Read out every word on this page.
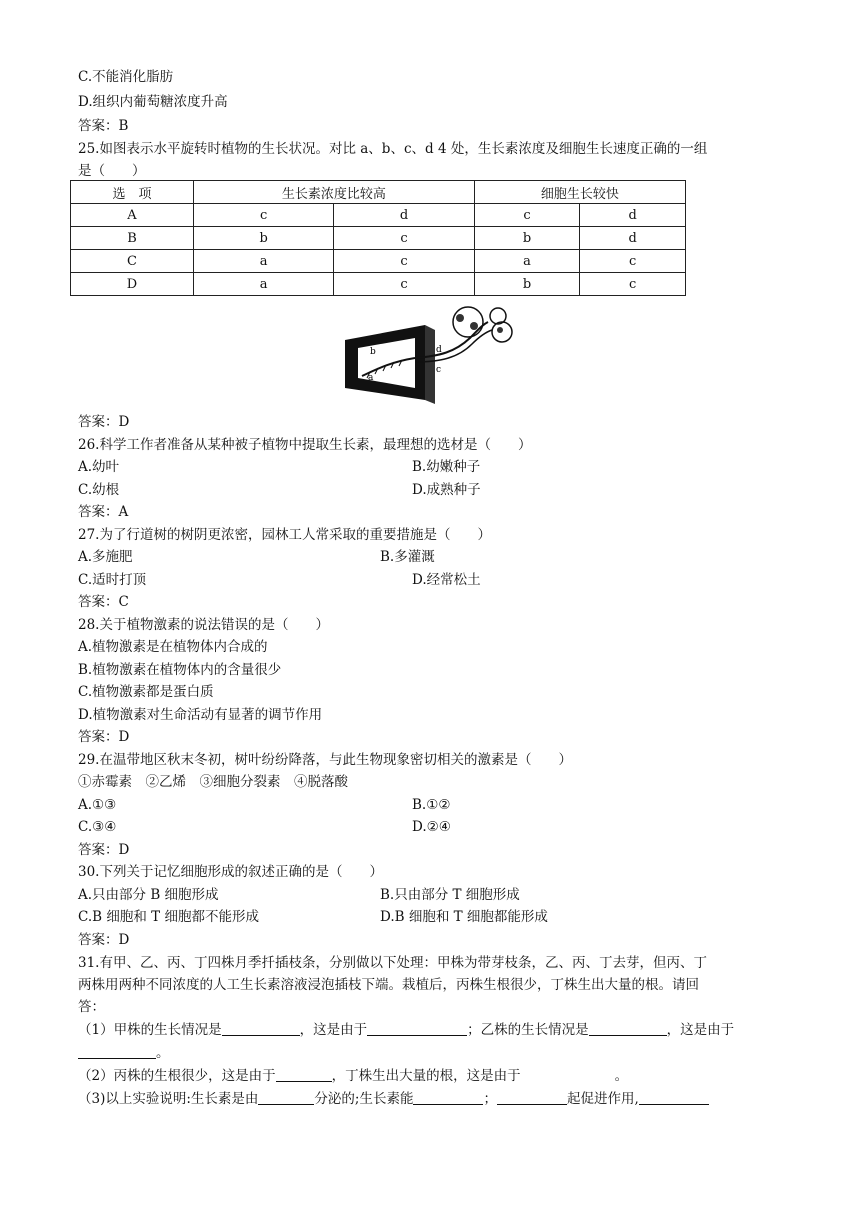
C.不能消化脂肪
D.组织内葡萄糖浓度升高
答案：B
25.如图表示水平旋转时植物的生长状况。对比 a、b、c、d 4 处，生长素浓度及细胞生长速度正确的一组
是（　　）
选　项	生长素浓度比较高		细胞生长较快	
A	c	d	c	d
B	b	c	b	d
C	a	c	a	c
D	a	c	b	c
b
a
d
c
答案：D
26.科学工作者准备从某种被子植物中提取生长素，最理想的选材是（　　）
A.幼叶	B.幼嫩种子
C.幼根	D.成熟种子
答案：A
27.为了行道树的树阴更浓密，园林工人常采取的重要措施是（　　）
A.多施肥	B.多灌溉
C.适时打顶	D.经常松土
答案：C
28.关于植物激素的说法错误的是（　　）
A.植物激素是在植物体内合成的
B.植物激素在植物体内的含量很少
C.植物激素都是蛋白质
D.植物激素对生命活动有显著的调节作用
答案：D
29.在温带地区秋末冬初，树叶纷纷降落，与此生物现象密切相关的激素是（　　）
①赤霉素　②乙烯　③细胞分裂素　④脱落酸
A.①③	B.①②
C.③④	D.②④
答案：D
30.下列关于记忆细胞形成的叙述正确的是（　　）
A.只由部分 B 细胞形成	B.只由部分 T 细胞形成
C.B 细胞和 T 细胞都不能形成	D.B 细胞和 T 细胞都能形成
答案：D
31.有甲、乙、丙、丁四株月季扦插枝条，分别做以下处理：甲株为带芽枝条，乙、丙、丁去芽，但丙、丁
两株用两种不同浓度的人工生长素溶液浸泡插枝下端。栽植后，丙株生根很少，丁株生出大量的根。请回
答：
（1）甲株的生长情况是	，这是由于	；乙株的生长情况是	，这是由于
。
（2）丙株的生根很少，这是由于	，丁株生出大量的根，这是由于	。
（3)以上实验说明:生长素是由	分泌的;生长素能	；	起促进作用,
